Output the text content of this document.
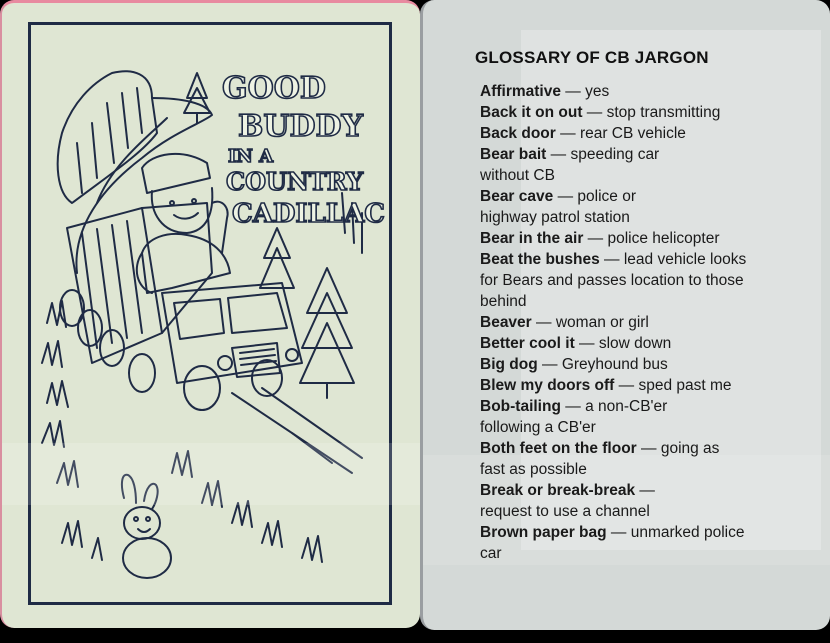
GLOSSARY OF CB JARGON
Affirmative — yes
Back it on out — stop transmitting
Back door — rear CB vehicle
Bear bait — speeding car without CB
Bear cave — police or highway patrol station
Bear in the air — police helicopter
Beat the bushes — lead vehicle looks for Bears and passes location to those behind
Beaver — woman or girl
Better cool it — slow down
Big dog — Greyhound bus
Blew my doors off — sped past me
Bob-tailing — a non-CB'er following a CB'er
Both feet on the floor — going as fast as possible
Break or break-break — request to use a channel
Brown paper bag — unmarked police car
GOOD
BUDDY
IN A
COUNTRY
CADILLAC
